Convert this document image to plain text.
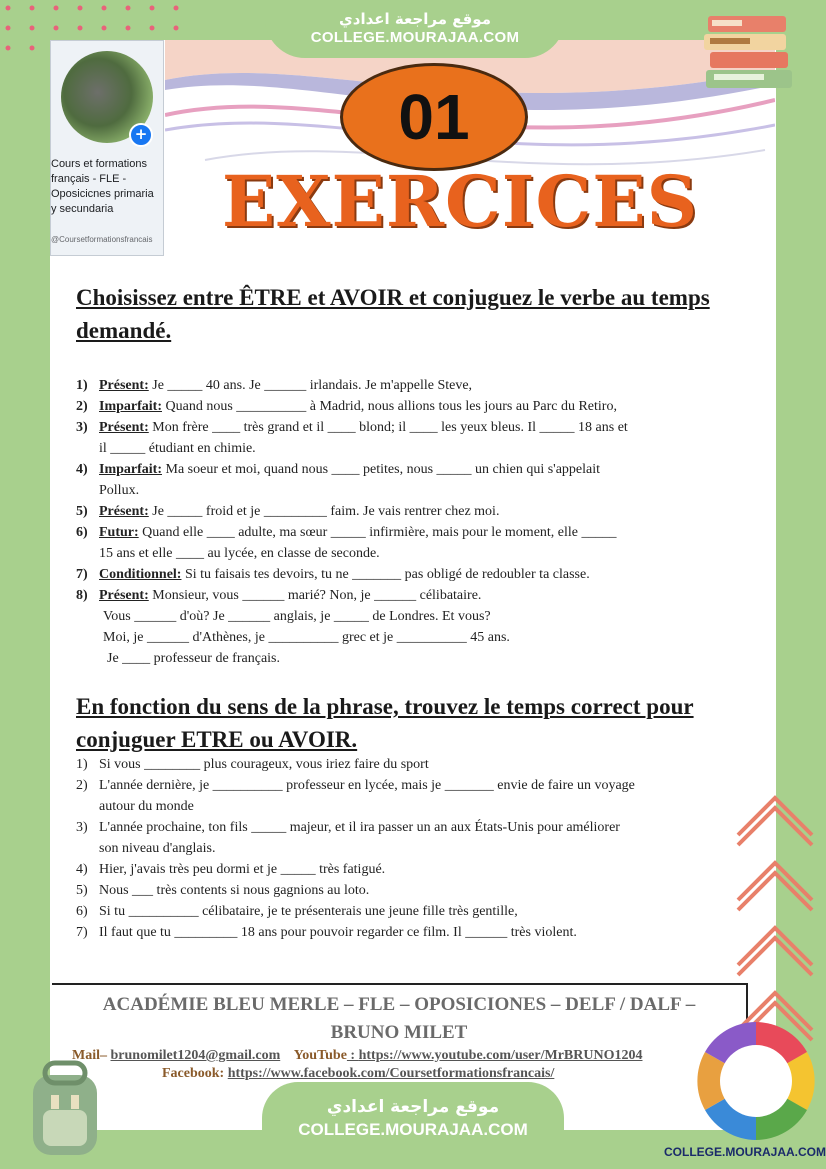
موقع مراجعة اعدادي
COLLEGE.MOURAJAA.COM
01
EXERCICES
+
Cours et formations français - FLE - Oposicicnes primaria y secundaria
@Coursetformationsfrancais
Choisissez entre ÊTRE et AVOIR et conjuguez le verbe au temps demandé.
1) Présent: Je _____ 40 ans. Je ______ irlandais. Je m'appelle Steve,
2) Imparfait: Quand nous __________ à Madrid, nous allions tous les jours au Parc du Retiro,
3) Présent: Mon frère ____ très grand et il ____ blond; il ____ les yeux bleus. Il _____ 18 ans et
il _____ étudiant en chimie.
4) Imparfait: Ma soeur et moi, quand nous ____ petites, nous _____ un chien qui s'appelait
Pollux.
5) Présent: Je _____ froid et je _________ faim. Je vais rentrer chez moi.
6) Futur: Quand elle ____ adulte, ma sœur _____ infirmière, mais pour le moment, elle _____
15 ans et elle ____ au lycée, en classe de seconde.
7) Conditionnel: Si tu faisais tes devoirs, tu ne _______ pas obligé de redoubler ta classe.
8) Présent: Monsieur, vous ______ marié? Non, je ______ célibataire.
Vous ______ d'où? Je ______ anglais, je _____ de Londres. Et vous?
Moi, je ______ d'Athènes, je __________ grec et je __________ 45 ans.
Je ____ professeur de français.
En fonction du sens de la phrase, trouvez le temps correct pour conjuguer ETRE ou AVOIR.
1) Si vous ________ plus courageux, vous iriez faire du sport
2) L'année dernière, je __________ professeur en lycée, mais je _______ envie de faire un voyage
autour du monde
3) L'année prochaine, ton fils _____ majeur, et il ira passer un an aux États-Unis pour améliorer
son niveau d'anglais.
4) Hier, j'avais très peu dormi et je _____ très fatigué.
5) Nous ___ très contents si nous gagnions au loto.
6) Si tu __________ célibataire, je te présenterais une jeune fille très gentille,
7) Il faut que tu _________ 18 ans pour pouvoir regarder ce film. Il ______ très violent.
ACADÉMIE BLEU MERLE – FLE – OPOSICIONES – DELF / DALF –
BRUNO MILET
Mail– brunomilet1204@gmail.com YouTube : https://www.youtube.com/user/MrBRUNO1204
Facebook: https://www.facebook.com/Coursetformationsfrancais/
موقع مراجعة اعدادي
COLLEGE.MOURAJAA.COM
COLLEGE.MOURAJAA.COM
